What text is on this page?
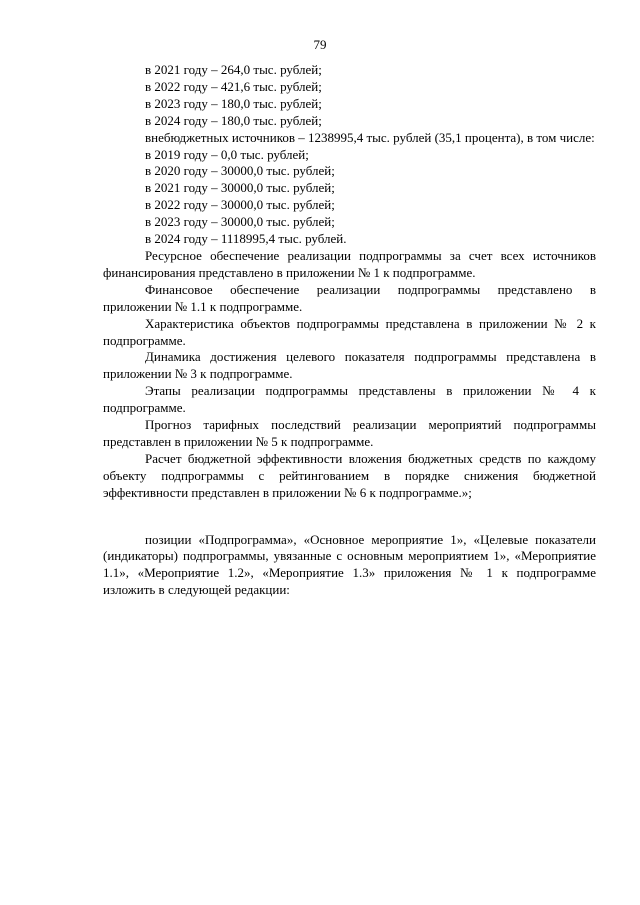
79

в 2021 году – 264,0 тыс. рублей;

в 2022 году – 421,6 тыс. рублей;

в 2023 году – 180,0 тыс. рублей;

в 2024 году – 180,0 тыс. рублей;

внебюджетных источников – 1238995,4 тыс. рублей (35,1 процента), в том числе:

в 2019 году – 0,0 тыс. рублей;

в 2020 году – 30000,0 тыс. рублей;

в 2021 году – 30000,0 тыс. рублей;

в 2022 году – 30000,0 тыс. рублей;

в 2023 году – 30000,0 тыс. рублей;

в 2024 году – 1118995,4 тыс. рублей.

Ресурсное обеспечение реализации подпрограммы за счет всех источников финансирования представлено в приложении № 1 к подпрограмме.

Финансовое обеспечение реализации подпрограммы представлено в приложении № 1.1 к подпрограмме.

Характеристика объектов подпрограммы представлена в приложении № 2 к подпрограмме.

Динамика достижения целевого показателя подпрограммы представлена в приложении № 3 к подпрограмме.

Этапы реализации подпрограммы представлены в приложении № 4 к подпрограмме.

Прогноз тарифных последствий реализации мероприятий подпрограммы представлен в приложении № 5 к подпрограмме.

Расчет бюджетной эффективности вложения бюджетных средств по каждому объекту подпрограммы с рейтингованием в порядке снижения бюджетной эффективности представлен в приложении № 6 к подпрограмме.»;

позиции «Подпрограмма», «Основное мероприятие 1», «Целевые показатели (индикаторы) подпрограммы, увязанные с основным мероприятием 1», «Мероприятие 1.1», «Мероприятие 1.2», «Мероприятие 1.3» приложения № 1 к подпрограмме изложить в следующей редакции:
